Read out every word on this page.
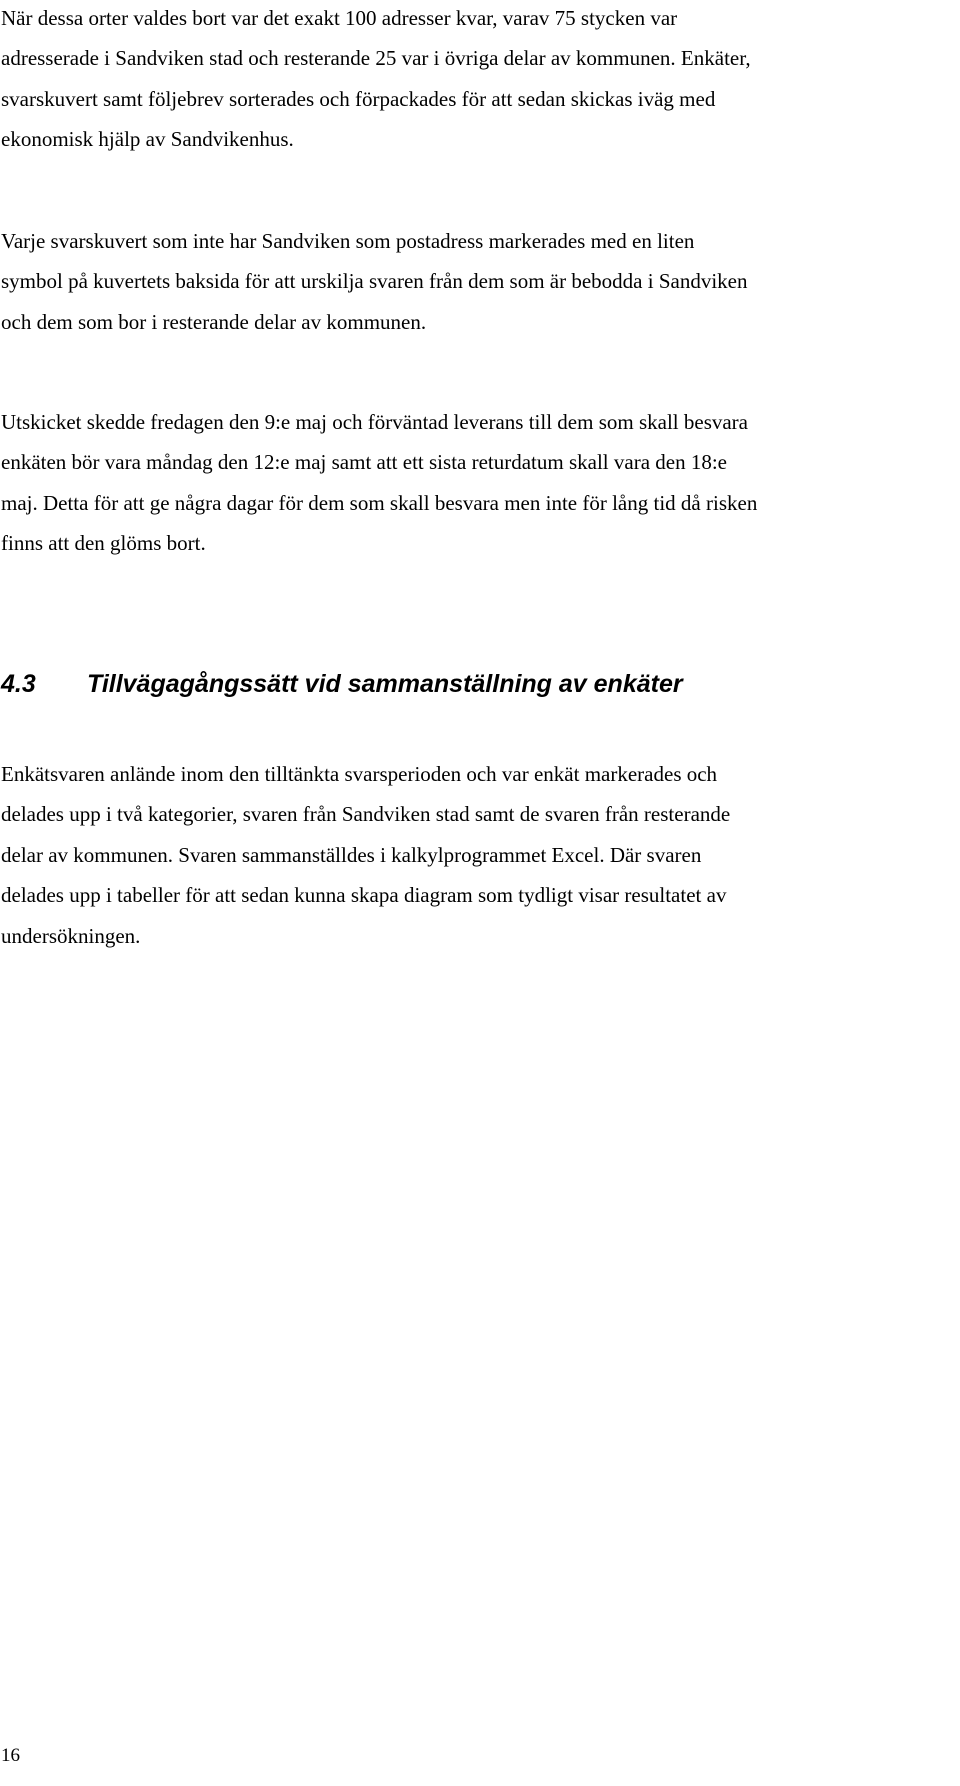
När dessa orter valdes bort var det exakt 100 adresser kvar, varav 75 stycken var
adresserade i Sandviken stad och resterande 25 var i övriga delar av kommunen. Enkäter,
svarskuvert samt följebrev sorterades och förpackades för att sedan skickas iväg med
ekonomisk hjälp av Sandvikenhus.

Varje svarskuvert som inte har Sandviken som postadress markerades med en liten
symbol på kuvertets baksida för att urskilja svaren från dem som är bebodda i Sandviken
och dem som bor i resterande delar av kommunen.

Utskicket skedde fredagen den 9:e maj och förväntad leverans till dem som skall besvara
enkäten bör vara måndag den 12:e maj samt att ett sista returdatum skall vara den 18:e
maj. Detta för att ge några dagar för dem som skall besvara men inte för lång tid då risken
finns att den glöms bort.

4.3 Tillvägagångssätt vid sammanställning av enkäter

Enkätsvaren anlände inom den tilltänkta svarsperioden och var enkät markerades och
delades upp i två kategorier, svaren från Sandviken stad samt de svaren från resterande
delar av kommunen. Svaren sammanställdes i kalkylprogrammet Excel. Där svaren
delades upp i tabeller för att sedan kunna skapa diagram som tydligt visar resultatet av
undersökningen.

16
